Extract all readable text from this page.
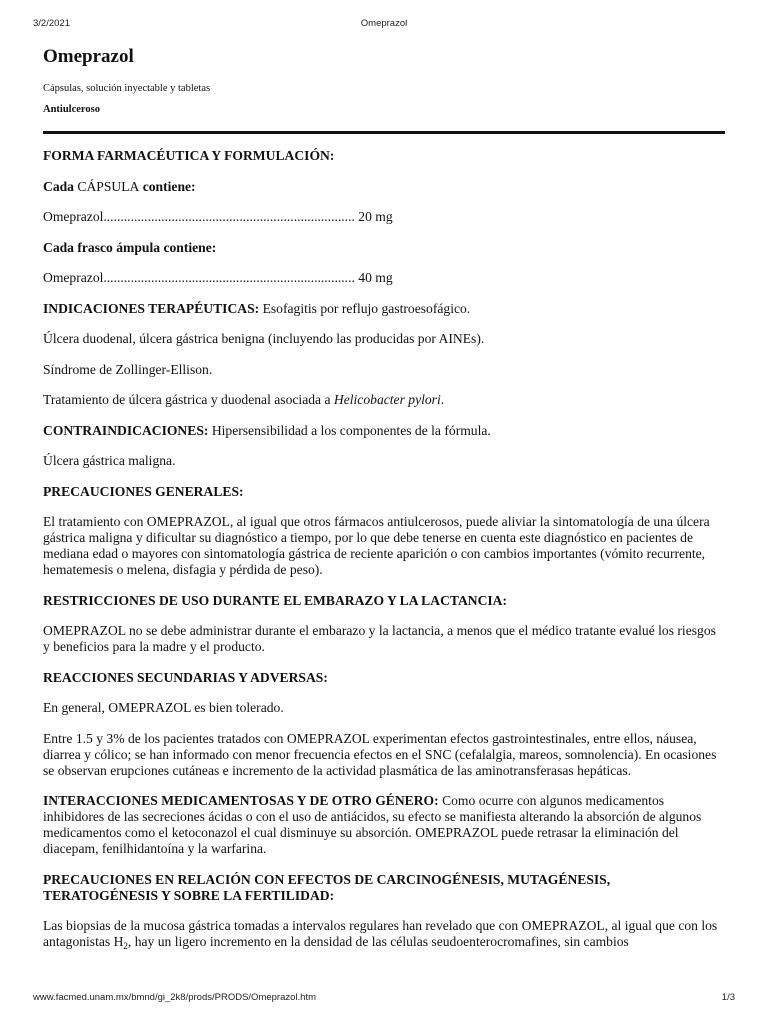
3/2/2021	Omeprazol
Omeprazol
Cápsulas, solución inyectable y tabletas
Antiulceroso

FORMA FARMACÉUTICA Y FORMULACIÓN:

Cada CÁPSULA contiene:

Omeprazol.......................................................................... 20 mg

Cada frasco ámpula contiene:

Omeprazol.......................................................................... 40 mg

INDICACIONES TERAPÉUTICAS: Esofagitis por reflujo gastroesofágico.

Úlcera duodenal, úlcera gástrica benigna (incluyendo las producidas por AINEs).

Síndrome de Zollinger-Ellison.

Tratamiento de úlcera gástrica y duodenal asociada a Helicobacter pylori.

CONTRAINDICACIONES: Hipersensibilidad a los componentes de la fórmula.

Úlcera gástrica maligna.

PRECAUCIONES GENERALES:

El tratamiento con OMEPRAZOL, al igual que otros fármacos antiulcerosos, puede aliviar la sintomatología de una úlcera gástrica maligna y dificultar su diagnóstico a tiempo, por lo que debe tenerse en cuenta este diagnóstico en pacientes de mediana edad o mayores con sintomatología gástrica de reciente aparición o con cambios importantes (vómito recurrente, hematemesis o melena, disfagia y pérdida de peso).

RESTRICCIONES DE USO DURANTE EL EMBARAZO Y LA LACTANCIA:

OMEPRAZOL no se debe administrar durante el embarazo y la lactancia, a menos que el médico tratante evalué los riesgos y beneficios para la madre y el producto.

REACCIONES SECUNDARIAS Y ADVERSAS:

En general, OMEPRAZOL es bien tolerado.

Entre 1.5 y 3% de los pacientes tratados con OMEPRAZOL experimentan efectos gastrointestinales, entre ellos, náusea, diarrea y cólico; se han informado con menor frecuencia efectos en el SNC (cefalalgia, mareos, somnolencia). En ocasiones se observan erupciones cutáneas e incremento de la actividad plasmática de las aminotransferasas hepáticas.

INTERACCIONES MEDICAMENTOSAS Y DE OTRO GÉNERO: Como ocurre con algunos medicamentos inhibidores de las secreciones ácidas o con el uso de antiácidos, su efecto se manifiesta alterando la absorción de algunos medicamentos como el ketoconazol el cual disminuye su absorción. OMEPRAZOL puede retrasar la eliminación del diacepam, fenilhidantoína y la warfarina.

PRECAUCIONES EN RELACIÓN CON EFECTOS DE CARCINOGÉNESIS, MUTAGÉNESIS, TERATOGÉNESIS Y SOBRE LA FERTILIDAD:

Las biopsias de la mucosa gástrica tomadas a intervalos regulares han revelado que con OMEPRAZOL, al igual que con los antagonistas $H_2$, hay un ligero incremento en la densidad de las células seudoenterocromafines, sin cambios

www.facmed.unam.mx/bmnd/gi_2k8/prods/PRODS/Omeprazol.htm	1/3
